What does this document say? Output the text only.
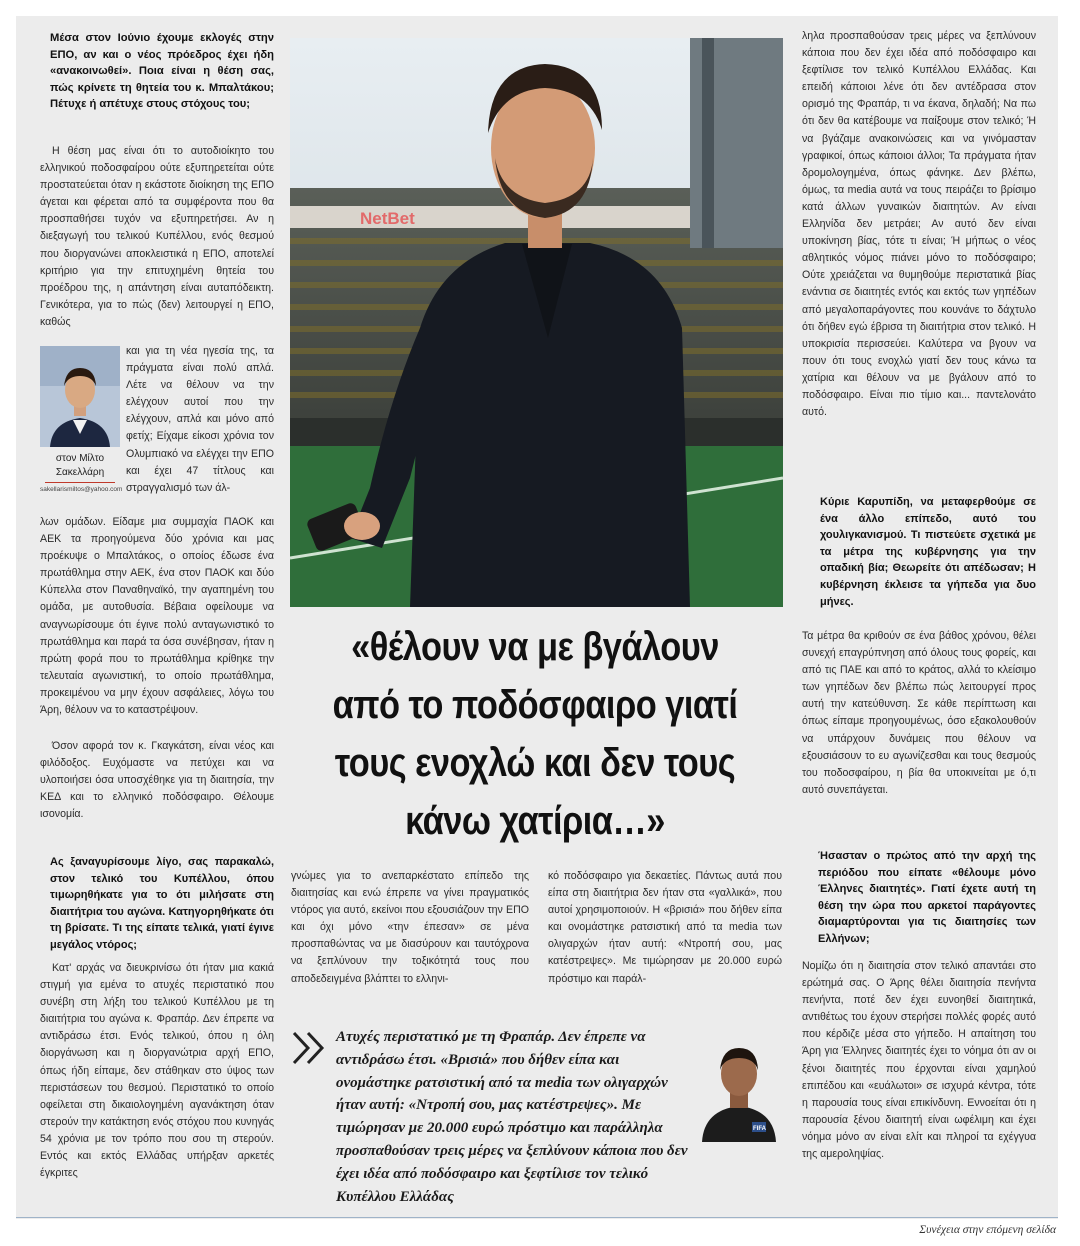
Μέσα στον Ιούνιο έχουμε εκλογές στην ΕΠΟ, αν και ο νέος πρόεδρος έχει ήδη «ανακοινωθεί». Ποια είναι η θέση σας, πώς κρίνετε τη θητεία του κ. Μπαλτάκου; Πέτυχε ή απέτυχε στους στόχους του;

Η θέση μας είναι ότι το αυτοδιοίκητο του ελληνικού ποδοσφαίρου ούτε εξυπηρετείται ούτε προστατεύεται όταν η εκάστοτε διοίκηση της ΕΠΟ άγεται και φέρεται από τα συμφέροντα που θα προσπαθήσει τυχόν να εξυπηρετήσει. Αν η διεξαγωγή του τελικού Κυπέλλου, ενός θεσμού που διοργανώνει αποκλειστικά η ΕΠΟ, αποτελεί κριτήριο για την επιτυχημένη θητεία του προέδρου της, η απάντηση είναι αυταπόδεικτη. Γενικότερα, για το πώς (δεν) λειτουργεί η ΕΠΟ, καθώς

και για τη νέα ηγεσία της, τα πράγματα είναι πολύ απλά. Λέτε να θέλουν να την ελέγχουν αυτοί που την ελέγχουν, απλά και μόνο από φετίχ; Είχαμε είκοσι χρόνια τον Ολυμπιακό να ελέγχει την ΕΠΟ και έχει 47 τίτλους και στραγγαλισμό των άλ-

στον Μίλτο Σακελλάρη
sakellarismiltos@yahoo.com

λων ομάδων. Είδαμε μια συμμαχία ΠΑΟΚ και ΑΕΚ τα προηγούμενα δύο χρόνια και μας προέκυψε ο Μπαλτάκος, ο οποίος έδωσε ένα πρωτάθλημα στην ΑΕΚ, ένα στον ΠΑΟΚ και δύο Κύπελλα στον Παναθηναϊκό, την αγαπημένη του ομάδα, με αυτοθυσία. Βέβαια οφείλουμε να αναγνωρίσουμε ότι έγινε πολύ ανταγωνιστικό το πρωτάθλημα και παρά τα όσα συνέβησαν, ήταν η πρώτη φορά που το πρωτάθλημα κρίθηκε την τελευταία αγωνιστική, το οποίο πρωτάθλημα, προκειμένου να μην έχουν ασφάλειες, λόγω του Άρη, θέλουν να το καταστρέψουν.

Όσον αφορά τον κ. Γκαγκάτση, είναι νέος και φιλόδοξος. Ευχόμαστε να πετύχει και να υλοποιήσει όσα υποσχέθηκε για τη διαιτησία, την ΚΕΔ και το ελληνικό ποδόσφαιρο. Θέλουμε ισονομία.

Ας ξαναγυρίσουμε λίγο, σας παρακαλώ, στον τελικό του Κυπέλλου, όπου τιμωρηθήκατε για το ότι μιλήσατε στη διαιτήτρια του αγώνα. Κατηγορηθήκατε ότι τη βρίσατε. Τι της είπατε τελικά, γιατί έγινε μεγάλος ντόρος;

Κατ' αρχάς να διευκρινίσω ότι ήταν μια κακιά στιγμή για εμένα το ατυχές περιστατικό που συνέβη στη λήξη του τελικού Κυπέλλου με τη διαιτήτρια του αγώνα κ. Φραπάρ. Δεν έπρεπε να αντιδράσω έτσι. Ενός τελικού, όπου η όλη διοργάνωση και η διοργανώτρια αρχή ΕΠΟ, όπως ήδη είπαμε, δεν στάθηκαν στο ύψος των περιστάσεων του θεσμού. Περιστατικό το οποίο οφείλεται στη δικαιολογημένη αγανάκτηση όταν στερούν την κατάκτηση ενός στόχου που κυνηγάς 54 χρόνια με τον τρόπο που σου τη στερούν. Εντός και εκτός Ελλάδας υπήρξαν αρκετές έγκριτες

NetBet
«θέλουν να με βγάλουν από το ποδόσφαιρο γιατί τους ενοχλώ και δεν τους κάνω χατίρια…»

γνώμες για το ανεπαρκέστατο επίπεδο της διαιτησίας και ενώ έπρεπε να γίνει πραγματικός ντόρος για αυτό, εκείνοι που εξουσιάζουν την ΕΠΟ και όχι μόνο «την έπεσαν» σε μένα προσπαθώντας να με διασύρουν και ταυτόχρονα να ξεπλύνουν την τοξικότητά τους που αποδεδειγμένα βλάπτει το ελληνι-

κό ποδόσφαιρο για δεκαετίες. Πάντως αυτά που είπα στη διαιτήτρια δεν ήταν στα «γαλλικά», που αυτοί χρησιμοποιούν. Η «βρισιά» που δήθεν είπα και ονομάστηκε ρατσιστική από τα media των ολιγαρχών ήταν αυτή: «Ντροπή σου, μας κατέστρεψες». Με τιμώρησαν με 20.000 ευρώ πρόστιμο και παράλ-

Ατυχές περιστατικό με τη Φραπάρ. Δεν έπρεπε να αντιδράσω έτσι. «Βρισιά» που δήθεν είπα και ονομάστηκε ρατσιστική από τα media των ολιγαρχών ήταν αυτή: «Ντροπή σου, μας κατέστρεψες». Με τιμώρησαν με 20.000 ευρώ πρόστιμο και παράλληλα προσπαθούσαν τρεις μέρες να ξεπλύνουν κάποια που δεν έχει ιδέα από ποδόσφαιρο και ξεφτίλισε τον τελικό Κυπέλλου Ελλάδας
FIFA

ληλα προσπαθούσαν τρεις μέρες να ξεπλύνουν κάποια που δεν έχει ιδέα από ποδόσφαιρο και ξεφτίλισε τον τελικό Κυπέλλου Ελλάδας. Και επειδή κάποιοι λένε ότι δεν αντέδρασα στον ορισμό της Φραπάρ, τι να έκανα, δηλαδή; Να πω ότι δεν θα κατέβουμε να παίξουμε στον τελικό; Ή να βγάζαμε ανακοινώσεις και να γινόμασταν γραφικοί, όπως κάποιοι άλλοι; Τα πράγματα ήταν δρομολογημένα, όπως φάνηκε. Δεν βλέπω, όμως, τα media αυτά να τους πειράζει το βρίσιμο κατά άλλων γυναικών διαιτητών. Αν είναι Ελληνίδα δεν μετράει; Αν αυτό δεν είναι υποκίνηση βίας, τότε τι είναι; Ή μήπως ο νέος αθλητικός νόμος πιάνει μόνο το ποδόσφαιρο; Ούτε χρειάζεται να θυμηθούμε περιστατικά βίας ενάντια σε διαιτητές εντός και εκτός των γηπέδων από μεγαλοπαράγοντες που κουνάνε το δάχτυλο ότι δήθεν εγώ έβρισα τη διαιτήτρια στον τελικό. Η υποκρισία περισσεύει. Καλύτερα να βγουν να πουν ότι τους ενοχλώ γιατί δεν τους κάνω τα χατίρια και θέλουν να με βγάλουν από το ποδόσφαιρο. Είναι πιο τίμιο και... παντελονάτο αυτό.

Κύριε Καρυπίδη, να μεταφερθούμε σε ένα άλλο επίπεδο, αυτό του χουλιγκανισμού. Τι πιστεύετε σχετικά με τα μέτρα της κυβέρνησης για την οπαδική βία; Θεωρείτε ότι απέδωσαν; Η κυβέρνηση έκλεισε τα γήπεδα για δυο μήνες.

Τα μέτρα θα κριθούν σε ένα βάθος χρόνου, θέλει συνεχή επαγρύπνηση από όλους τους φορείς, και από τις ΠΑΕ και από το κράτος, αλλά το κλείσιμο των γηπέδων δεν βλέπω πώς λειτουργεί προς αυτή την κατεύθυνση. Σε κάθε περίπτωση και όπως είπαμε προηγουμένως, όσο εξακολουθούν να υπάρχουν δυνάμεις που θέλουν να εξουσιάσουν το ευ αγωνίζεσθαι και τους θεσμούς του ποδοσφαίρου, η βία θα υποκινείται με ό,τι αυτό συνεπάγεται.

Ήσασταν ο πρώτος από την αρχή της περιόδου που είπατε «θέλουμε μόνο Έλληνες διαιτητές». Γιατί έχετε αυτή τη θέση την ώρα που αρκετοί παράγοντες διαμαρτύρονται για τις διαιτησίες των Ελλήνων;

Νομίζω ότι η διαιτησία στον τελικό απαντάει στο ερώτημά σας. Ο Άρης θέλει διαιτησία πενήντα πενήντα, ποτέ δεν έχει ευνοηθεί διαιτητικά, αντιθέτως του έχουν στερήσει πολλές φορές αυτό που κέρδιζε μέσα στο γήπεδο. Η απαίτηση του Άρη για Έλληνες διαιτητές έχει το νόημα ότι αν οι ξένοι διαιτητές που έρχονται είναι χαμηλού επιπέδου και «ευάλωτοι» σε ισχυρά κέντρα, τότε η παρουσία τους είναι επικίνδυνη. Εννοείται ότι η παρουσία ξένου διαιτητή είναι ωφέλιμη και έχει νόημα μόνο αν είναι ελίτ και πληροί τα εχέγγυα της αμεροληψίας.

Συνέχεια στην επόμενη σελίδα
